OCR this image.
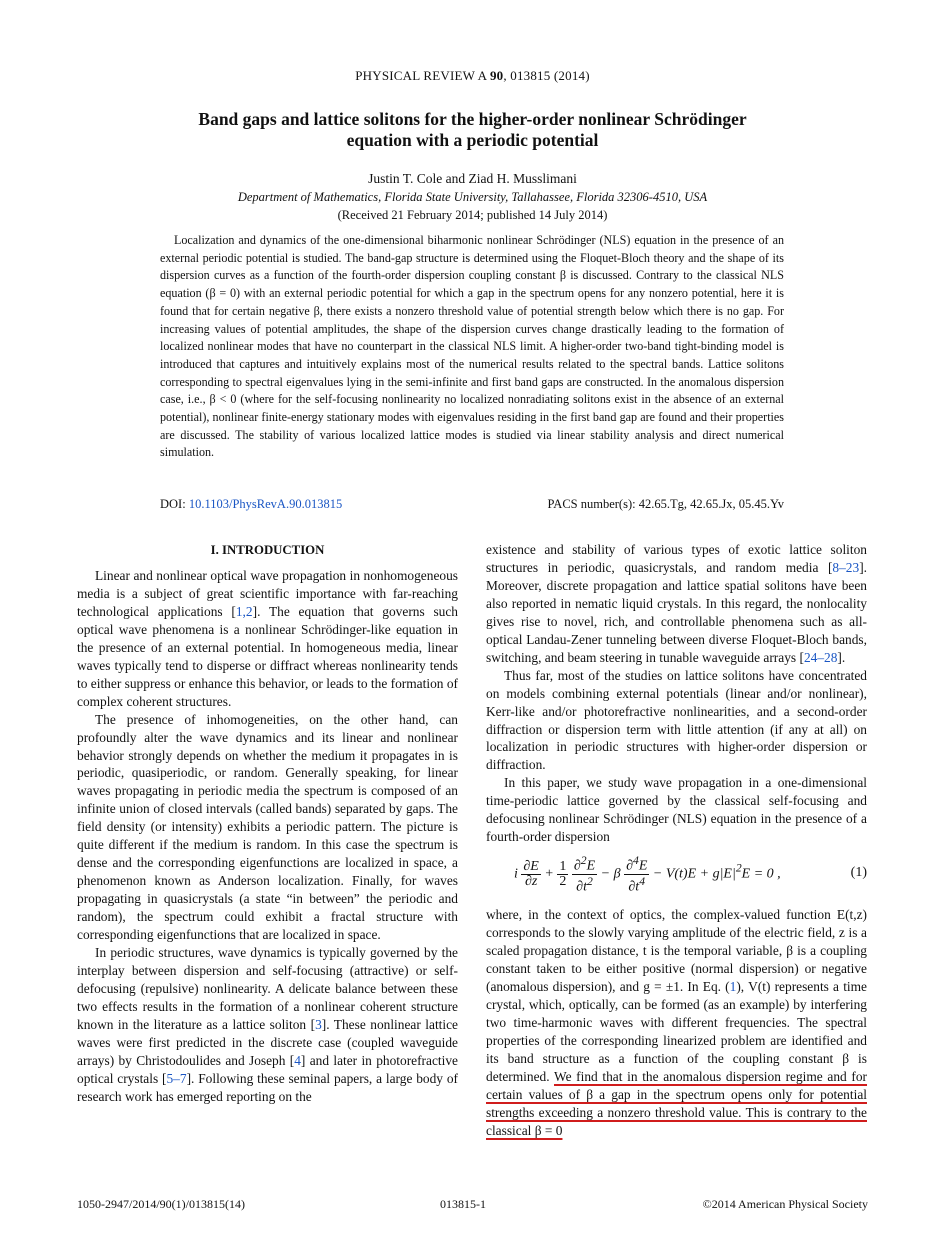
PHYSICAL REVIEW A 90, 013815 (2014)
Band gaps and lattice solitons for the higher-order nonlinear Schrödinger equation with a periodic potential
Justin T. Cole and Ziad H. Musslimani
Department of Mathematics, Florida State University, Tallahassee, Florida 32306-4510, USA
(Received 21 February 2014; published 14 July 2014)
Localization and dynamics of the one-dimensional biharmonic nonlinear Schrödinger (NLS) equation in the presence of an external periodic potential is studied. The band-gap structure is determined using the Floquet-Bloch theory and the shape of its dispersion curves as a function of the fourth-order dispersion coupling constant β is discussed. Contrary to the classical NLS equation (β = 0) with an external periodic potential for which a gap in the spectrum opens for any nonzero potential, here it is found that for certain negative β, there exists a nonzero threshold value of potential strength below which there is no gap. For increasing values of potential amplitudes, the shape of the dispersion curves change drastically leading to the formation of localized nonlinear modes that have no counterpart in the classical NLS limit. A higher-order two-band tight-binding model is introduced that captures and intuitively explains most of the numerical results related to the spectral bands. Lattice solitons corresponding to spectral eigenvalues lying in the semi-infinite and first band gaps are constructed. In the anomalous dispersion case, i.e., β < 0 (where for the self-focusing nonlinearity no localized nonradiating solitons exist in the absence of an external potential), nonlinear finite-energy stationary modes with eigenvalues residing in the first band gap are found and their properties are discussed. The stability of various localized lattice modes is studied via linear stability analysis and direct numerical simulation.
DOI: 10.1103/PhysRevA.90.013815	PACS number(s): 42.65.Tg, 42.65.Jx, 05.45.Yv
I. INTRODUCTION

Linear and nonlinear optical wave propagation in nonhomogeneous media is a subject of great scientific importance with far-reaching technological applications [1,2]. The equation that governs such optical wave phenomena is a nonlinear Schrödinger-like equation in the presence of an external potential. In homogeneous media, linear waves typically tend to disperse or diffract whereas nonlinearity tends to either suppress or enhance this behavior, or leads to the formation of complex coherent structures.

The presence of inhomogeneities, on the other hand, can profoundly alter the wave dynamics and its linear and nonlinear behavior strongly depends on whether the medium it propagates in is periodic, quasiperiodic, or random. Generally speaking, for linear waves propagating in periodic media the spectrum is composed of an infinite union of closed intervals (called bands) separated by gaps. The field density (or intensity) exhibits a periodic pattern. The picture is quite different if the medium is random. In this case the spectrum is dense and the corresponding eigenfunctions are localized in space, a phenomenon known as Anderson localization. Finally, for waves propagating in quasicrystals (a state “in between” the periodic and random), the spectrum could exhibit a fractal structure with corresponding eigenfunctions that are localized in space.

In periodic structures, wave dynamics is typically governed by the interplay between dispersion and self-focusing (attractive) or self-defocusing (repulsive) nonlinearity. A delicate balance between these two effects results in the formation of a nonlinear coherent structure known in the literature as a lattice soliton [3]. These nonlinear lattice waves were first predicted in the discrete case (coupled waveguide arrays) by Christodoulides and Joseph [4] and later in photorefractive optical crystals [5–7]. Following these seminal papers, a large body of research work has emerged reporting on the

existence and stability of various types of exotic lattice soliton structures in periodic, quasicrystals, and random media [8–23]. Moreover, discrete propagation and lattice spatial solitons have been also reported in nematic liquid crystals. In this regard, the nonlocality gives rise to novel, rich, and controllable phenomena such as all-optical Landau-Zener tunneling between diverse Floquet-Bloch bands, switching, and beam steering in tunable waveguide arrays [24–28].

Thus far, most of the studies on lattice solitons have concentrated on models combining external potentials (linear and/or nonlinear), Kerr-like and/or photorefractive nonlinearities, and a second-order diffraction or dispersion term with little attention (if any at all) on localization in periodic structures with higher-order dispersion or diffraction.

In this paper, we study wave propagation in a one-dimensional time-periodic lattice governed by the classical self-focusing and defocusing nonlinear Schrödinger (NLS) equation in the presence of a fourth-order dispersion

i $\frac{\partial E}{\partial z} + \frac{1}{2}$
$\frac{\partial^2E}{\partial t^2} - \beta \frac{\partial^4E}{\partial t^4} - V(t)E + g|E|^2E = 0$ ,	(1)

where, in the context of optics, the complex-valued function E(t,z) corresponds to the slowly varying amplitude of the electric field, z is a scaled propagation distance, t is the temporal variable, β is a coupling constant taken to be either positive (normal dispersion) or negative (anomalous dispersion), and g = ±1. In Eq. (1), V(t) represents a time crystal, which, optically, can be formed (as an example) by interfering two time-harmonic waves with different frequencies. The spectral properties of the corresponding linearized problem are identified and its band structure as a function of the coupling constant β is determined. We find that in the anomalous dispersion regime and for certain values of β a gap in the spectrum opens only for potential strengths exceeding a nonzero threshold value. This is contrary to the classical β = 0

1050-2947/2014/90(1)/013815(14)	013815-1	©2014 American Physical Society
